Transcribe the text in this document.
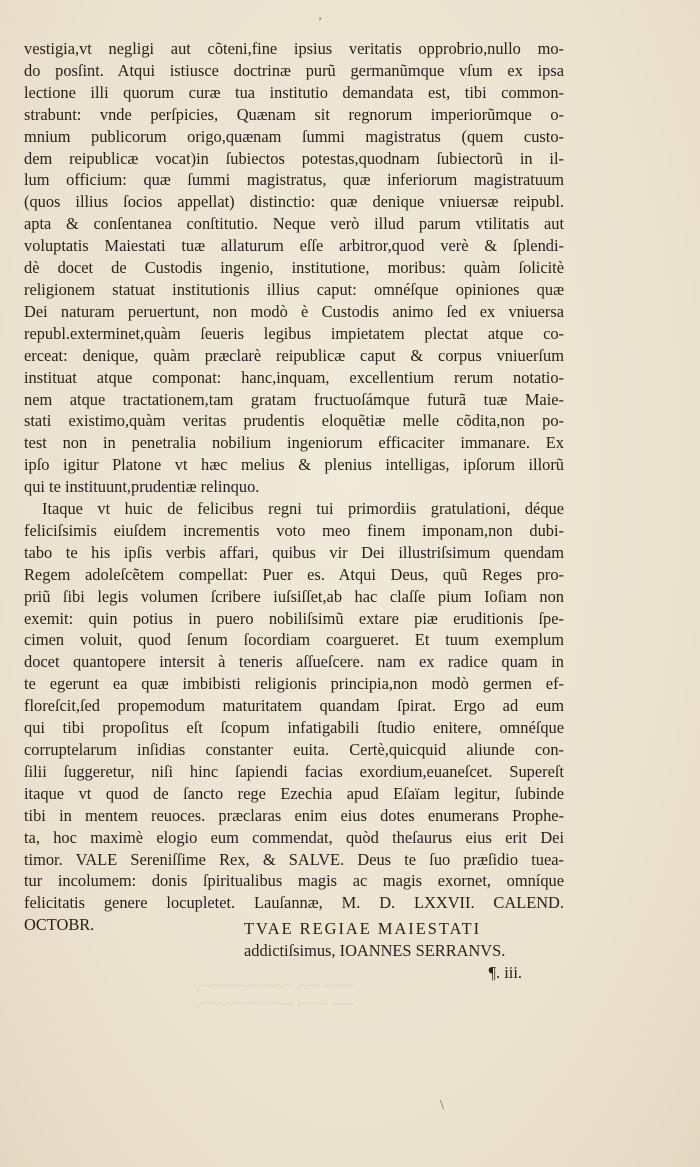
’
vestigia,vt negligi aut cõteni,fine ipsius veritatis opprobrio,nullo mo-
do posſint. Atqui istiusce doctrinæ purũ germanũmque vſum ex ipsa
lectione illi quorum curæ tua institutio demandata est, tibi common-
strabunt: vnde perſpicies, Quænam sit regnorum imperiorũmque o-
mnium publicorum origo,quænam ſummi magistratus (quem custo-
dem reipublicæ vocat)in ſubiectos potestas,quodnam ſubiectorũ in il-
lum officium: quæ ſummi magistratus, quæ inferiorum magistratuum
(quos illius ſocios appellat) distinctio: quæ denique vniuersæ reipubl.
apta & conſentanea conſtitutio. Neque verò illud parum vtilitatis aut
voluptatis Maiestati tuæ allaturum eſſe arbitror,quod verè & ſplendi-
dè docet de Custodis ingenio, institutione, moribus: quàm ſolicitè
religionem statuat institutionis illius caput: omnéſque opiniones quæ
Dei naturam peruertunt, non modò è Custodis animo ſed ex vniuersa
republ.exterminet,quàm ſeueris legibus impietatem plectat atque co-
erceat: denique, quàm præclarè reipublicæ caput & corpus vniuerſum
instituat atque componat: hanc,inquam, excellentium rerum notatio-
nem atque tractationem,tam gratam fructuoſámque futurã tuæ Maie-
stati existimo,quàm veritas prudentis eloquẽtiæ melle cõdita,non po-
test non in penetralia nobilium ingeniorum efficaciter immanare. Ex
ipſo igitur Platone vt hæc melius & plenius intelligas, ipſorum illorũ
qui te instituunt,prudentiæ relinquo.
Itaque vt huic de felicibus regni tui primordiis gratulationi, déque
feliciſsimis eiuſdem incrementis voto meo finem imponam,non dubi-
tabo te his ipſis verbis affari, quibus vir Dei illustriſsimum quendam
Regem adoleſcẽtem compellat: Puer es. Atqui Deus, quũ Reges pro-
priũ ſibi legis volumen ſcribere iuſsiſſet,ab hac claſſe pium Ioſiam non
exemit: quin potius in puero nobiliſsimũ extare piæ eruditionis ſpe-
cimen voluit, quod ſenum ſocordiam coargueret. Et tuum exemplum
docet quantopere intersit à teneris aſſueſcere. nam ex radice quam in
te egerunt ea quæ imbibisti religionis principia,non modò germen ef-
floreſcit,ſed propemodum maturitatem quandam ſpirat. Ergo ad eum
qui tibi propoſitus eſt ſcopum infatigabili ſtudio enitere, omnéſque
corruptelarum inſidias constanter euita. Certè,quicquid aliunde con-
ſilii ſuggeretur, niſi hinc ſapiendi facias exordium,euaneſcet. Supereſt
itaque vt quod de ſancto rege Ezechia apud Eſaïam legitur, ſubinde
tibi in mentem reuoces. præclaras enim eius dotes enumerans Prophe-
ta, hoc maximè elogio eum commendat, quòd theſaurus eius erit Dei
timor. VALE Sereniſſime Rex, & SALVE. Deus te ſuo præſidio tuea-
tur incolumem: donis ſpiritualibus magis ac magis exornet, omníque
felicitatis genere locupletet. Lauſannæ, M. D. LXXVII. CALEND.
OCTOBR.	TVAE REGIAE MAIESTATI
addictiſsimus, IOANNES SERRANVS.
¶. iii.
~~~~ ~~~ ~~~~~~ ~~~~~~,
~~~ ~~~~ ~~~~~~ ~~~~~~.
\
